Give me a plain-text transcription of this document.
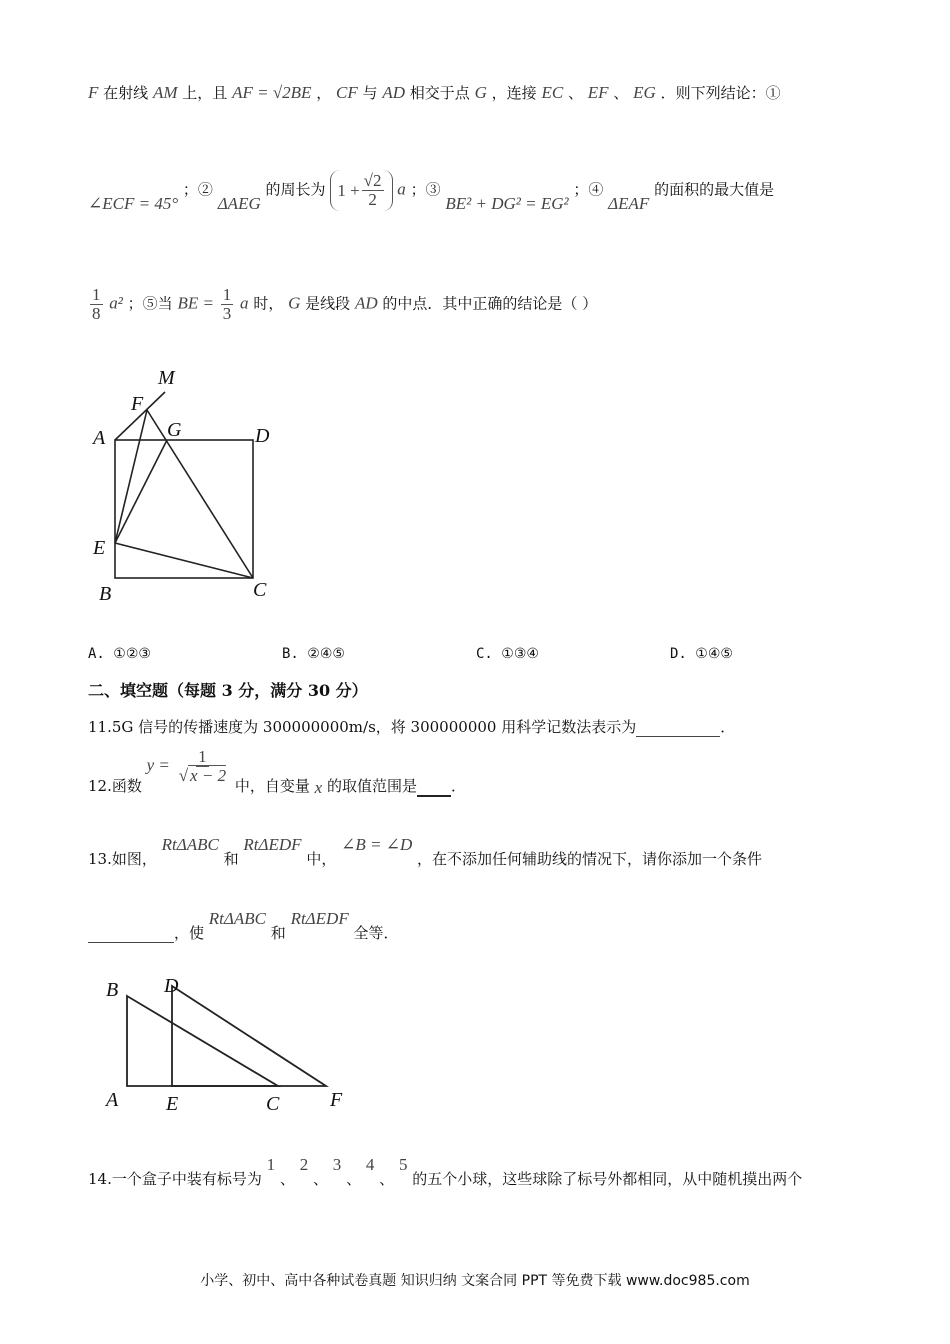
F 在射线 AM 上，且 AF = √2BE ， CF 与 AD 相交于点 G ，连接 EC 、 EF 、 EG ．则下列结论：①
∠ECF = 45° ；② ΔAEG 的周长为 $1 + \frac{√2}{2}$ a ；③ BE² + DG² = EG² ；④ ΔEAF 的面积的最大值是
$\frac{1}{8} a^2$ ；⑤当 BE = $\frac{1}{3}$ a 时， G 是线段 AD 的中点．其中正确的结论是（ ）
M
F
G
A	D
E
B	C
A. ①②③	B. ②④⑤	C. ①③④	D. ①④⑤
二、填空题（每题 3 分，满分 30 分）
11.5G 信号的传播速度为 300000000m/s，将 300000000 用科学记数法表示为	．
12.函数 $y = \frac{1}{√ x - 2}$
中，自变量 x 的取值范围是 ．
13.如图， RtΔABC 和 RtΔEDF 中， ∠B = ∠D ，在不添加任何辅助线的情况下，请你添加一个条件
，使 RtΔABC 和 RtΔEDF 全等．
B D
A E	C	F
14.一个盒子中装有标号为 1 、 2 、 3 、 4 、 5 的五个小球，这些球除了标号外都相同，从中随机摸出两个
小学、初中、高中各种试卷真题 知识归纳 文案合同 PPT 等免费下载 www.doc985.com
